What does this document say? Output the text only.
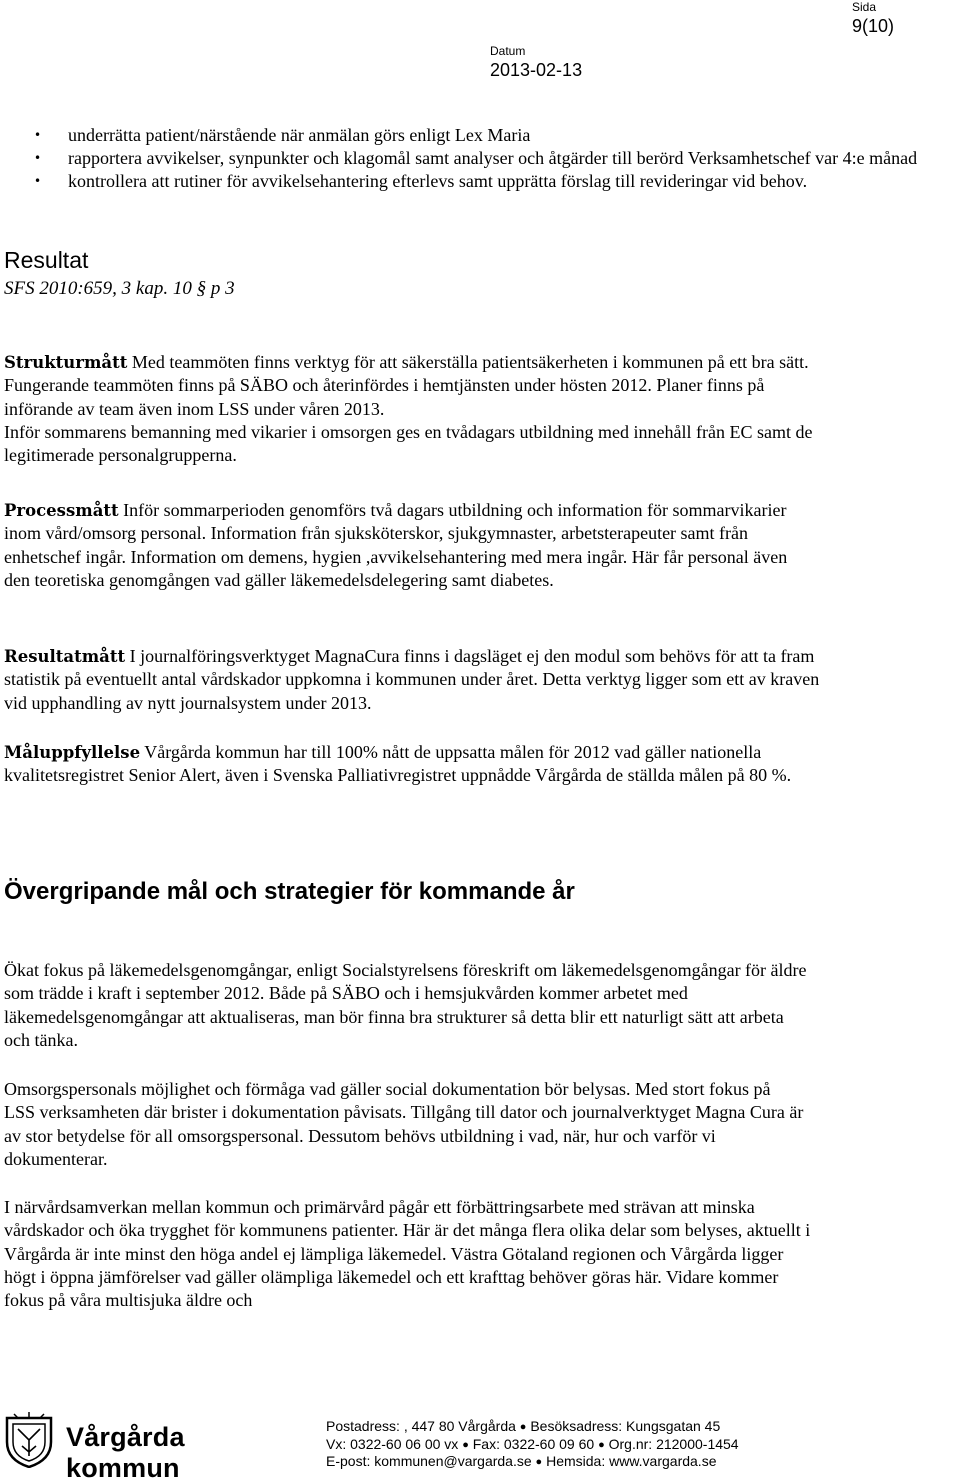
Sida
9(10)
Datum
2013-02-13
• underrätta patient/närstående när anmälan görs enligt Lex Maria
• rapportera avvikelser, synpunkter och klagomål samt analyser och åtgärder till berörd Verksamhetschef var 4:e månad
• kontrollera att rutiner för avvikelsehantering efterlevs samt upprätta förslag till revideringar vid behov.
Resultat
SFS 2010:659, 3 kap. 10 § p 3

Strukturmått Med teammöten finns verktyg för att säkerställa patientsäkerheten i kommunen på ett bra sätt. Fungerande teammöten finns på SÄBO och återinfördes i hemtjänsten under hösten 2012. Planer finns på införande av team även inom LSS under våren 2013.
Inför sommarens bemanning med vikarier i omsorgen ges en tvådagars utbildning med innehåll från EC samt de legitimerade personalgrupperna.

Processmått Inför sommarperioden genomförs två dagars utbildning och information för sommarvikarier inom vård/omsorg personal. Information från sjuksköterskor, sjukgymnaster, arbetsterapeuter samt från enhetschef ingår. Information om demens, hygien ,avvikelsehantering med mera ingår. Här får personal även den teoretiska genomgången vad gäller läkemedelsdelegering samt diabetes.

Resultatmått I journalföringsverktyget MagnaCura finns i dagsläget ej den modul som behövs för att ta fram statistik på eventuellt antal vårdskador uppkomna i kommunen under året. Detta verktyg ligger som ett av kraven vid upphandling av nytt journalsystem under 2013.

Måluppfyllelse Vårgårda kommun har till 100% nått de uppsatta målen för 2012 vad gäller nationella kvalitetsregistret Senior Alert, även i Svenska Palliativregistret uppnådde Vårgårda de ställda målen på 80 %.

Övergripande mål och strategier för kommande år

Ökat fokus på läkemedelsgenomgångar, enligt Socialstyrelsens föreskrift om läkemedelsgenomgångar för äldre som trädde i kraft i september 2012. Både på SÄBO och i hemsjukvården kommer arbetet med läkemedelsgenomgångar att aktualiseras, man bör finna bra strukturer så detta blir ett naturligt sätt att arbeta och tänka.

Omsorgspersonals möjlighet och förmåga vad gäller social dokumentation bör belysas. Med stort fokus på LSS verksamheten där brister i dokumentation påvisats. Tillgång till dator och journalverktyget Magna Cura är av stor betydelse för all omsorgspersonal. Dessutom behövs utbildning i vad, när, hur och varför vi dokumenterar.

I närvårdsamverkan mellan kommun och primärvård pågår ett förbättringsarbete med strävan att minska vårdskador och öka trygghet för kommunens patienter. Här är det många flera olika delar som belyses, aktuellt i Vårgårda är inte minst den höga andel ej lämpliga läkemedel. Västra Götaland regionen och Vårgårda ligger högt i öppna jämförelser vad gäller olämpliga läkemedel och ett krafttag behöver göras här. Vidare kommer fokus på våra multisjuka äldre och

Vårgårda kommun
Postadress: , 447 80 Vårgårda ● Besöksadress: Kungsgatan 45
Vx: 0322-60 06 00 vx ● Fax: 0322-60 09 60 ● Org.nr: 212000-1454
E-post: kommunen@vargarda.se ● Hemsida: www.vargarda.se
